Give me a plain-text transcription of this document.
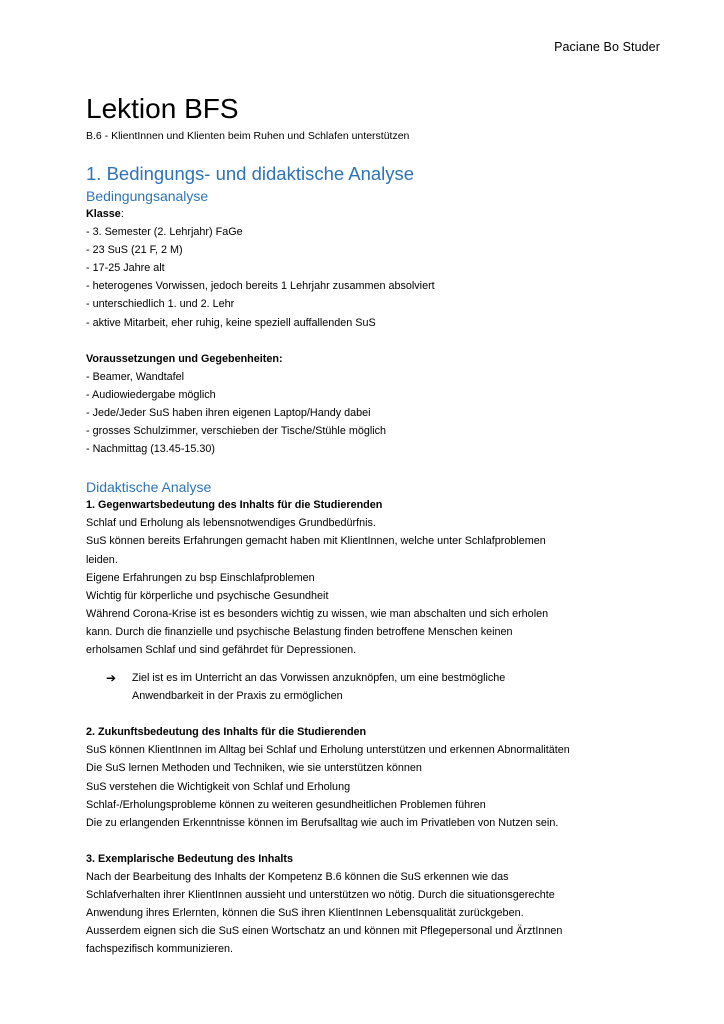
Paciane Bo Studer
Lektion BFS
B.6 - KlientInnen und Klienten beim Ruhen und Schlafen unterstützen
1. Bedingungs- und didaktische Analyse
Bedingungsanalyse
Klasse:
- 3. Semester (2. Lehrjahr) FaGe
- 23 SuS (21 F, 2 M)
- 17-25 Jahre alt
- heterogenes Vorwissen, jedoch bereits 1 Lehrjahr zusammen absolviert
- unterschiedlich 1. und 2. Lehr
- aktive Mitarbeit, eher ruhig, keine speziell auffallenden SuS
Voraussetzungen und Gegebenheiten:
- Beamer, Wandtafel
- Audiowiedergabe möglich
- Jede/Jeder SuS haben ihren eigenen Laptop/Handy dabei
- grosses Schulzimmer, verschieben der Tische/Stühle möglich
- Nachmittag (13.45-15.30)
Didaktische Analyse
1. Gegenwartsbedeutung des Inhalts für die Studierenden
Schlaf und Erholung als lebensnotwendiges Grundbedürfnis.
SuS können bereits Erfahrungen gemacht haben mit KlientInnen, welche unter Schlafproblemen
leiden.
Eigene Erfahrungen zu bsp Einschlafproblemen
Wichtig für körperliche und psychische Gesundheit
Während Corona-Krise ist es besonders wichtig zu wissen, wie man abschalten und sich erholen
kann. Durch die finanzielle und psychische Belastung finden betroffene Menschen keinen
erholsamen Schlaf und sind gefährdet für Depressionen.
➔ Ziel ist es im Unterricht an das Vorwissen anzuknöpfen, um eine bestmögliche
Anwendbarkeit in der Praxis zu ermöglichen
2. Zukunftsbedeutung des Inhalts für die Studierenden
SuS können KlientInnen im Alltag bei Schlaf und Erholung unterstützen und erkennen Abnormalitäten
Die SuS lernen Methoden und Techniken, wie sie unterstützen können
SuS verstehen die Wichtigkeit von Schlaf und Erholung
Schlaf-/Erholungsprobleme können zu weiteren gesundheitlichen Problemen führen
Die zu erlangenden Erkenntnisse können im Berufsalltag wie auch im Privatleben von Nutzen sein.
3. Exemplarische Bedeutung des Inhalts
Nach der Bearbeitung des Inhalts der Kompetenz B.6 können die SuS erkennen wie das
Schlafverhalten ihrer KlientInnen aussieht und unterstützen wo nötig. Durch die situationsgerechte
Anwendung ihres Erlernten, können die SuS ihren KlientInnen Lebensqualität zurückgeben.
Ausserdem eignen sich die SuS einen Wortschatz an und können mit Pflegepersonal und ÄrztInnen
fachspezifisch kommunizieren.
